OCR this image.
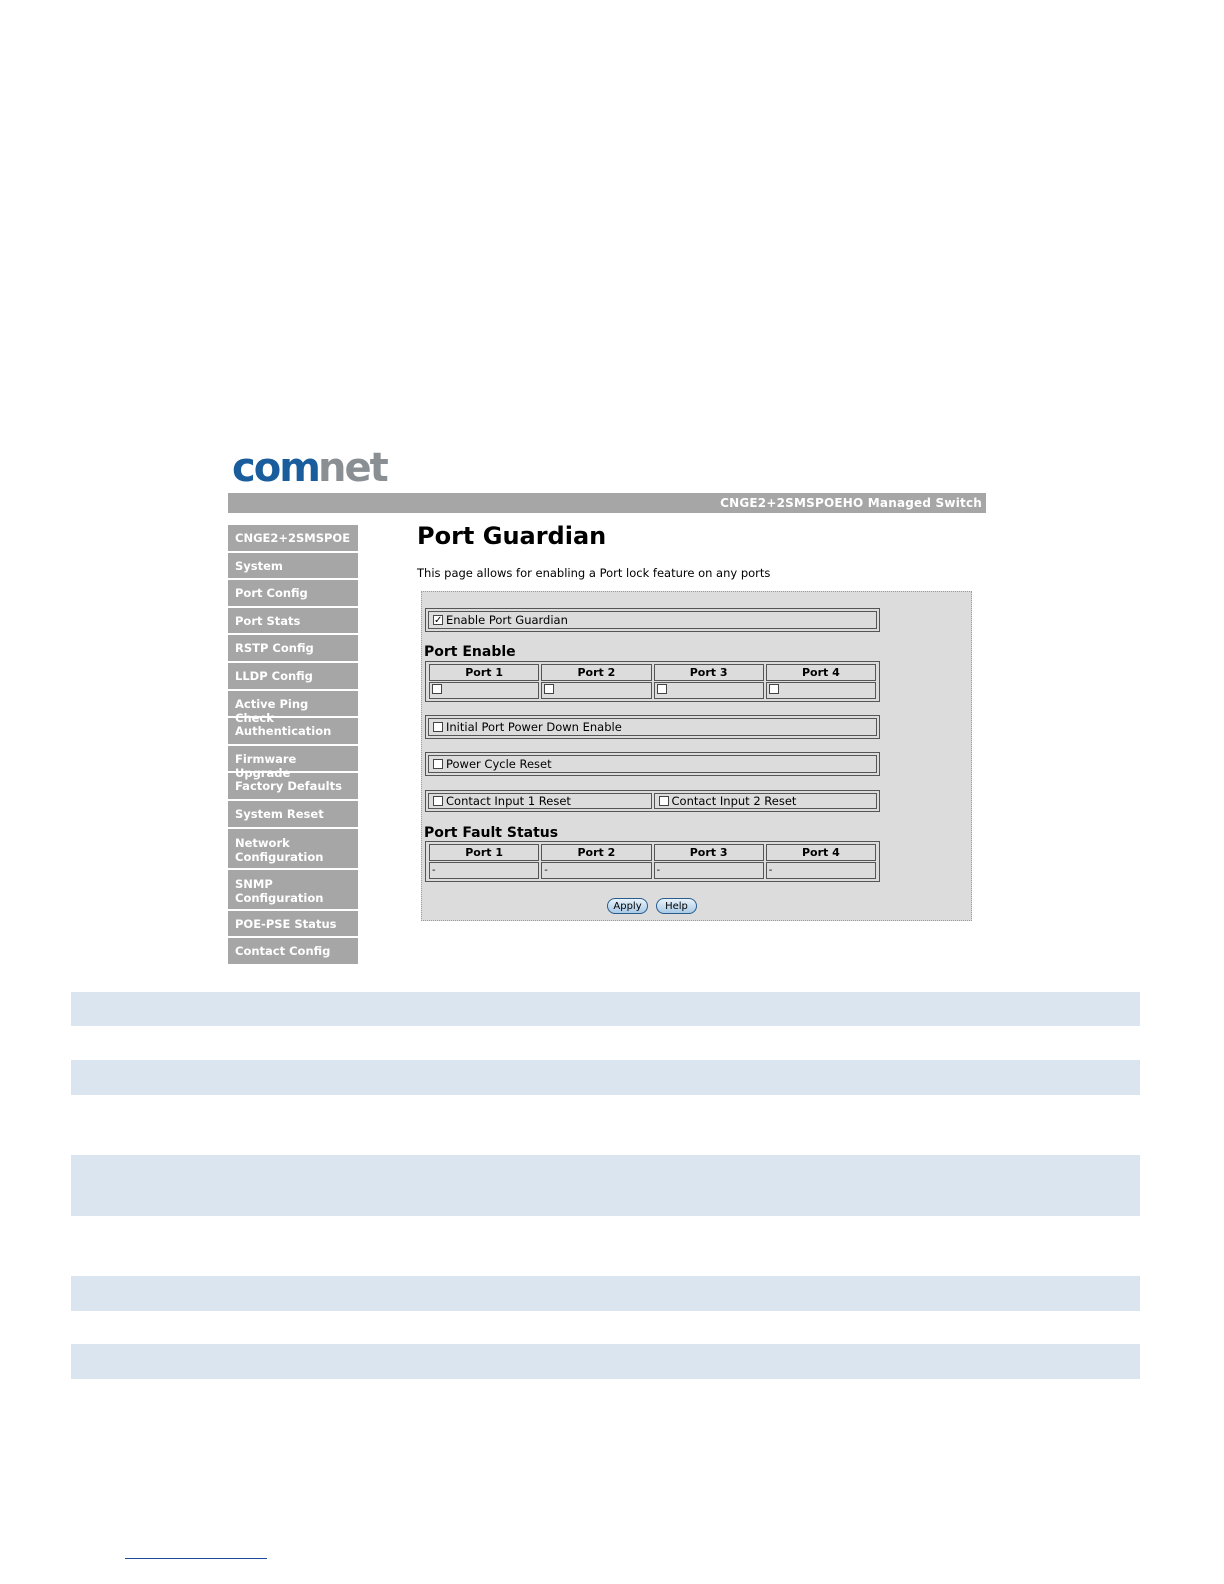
com net
CNGE2+2SMSPOEHO Managed Switch
CNGE2+2SMSPOE
System
Port Config
Port Stats
RSTP Config
LLDP Config
Active Ping Check
Authentication
Firmware Upgrade
Factory Defaults
System Reset
Network Configuration
SNMP Configuration
POE-PSE Status
Contact Config
Port Guardian
This page allows for enabling a Port lock feature on any ports
✓ Enable Port Guardian
Port Enable
Port 1	Port 2	Port 3	Port 4

Initial Port Power Down Enable
Power Cycle Reset
Contact Input 1 Reset	Contact Input 2 Reset
Port Fault Status
Port 1	Port 2	Port 3	Port 4
-	-	-	-
Apply	Help
